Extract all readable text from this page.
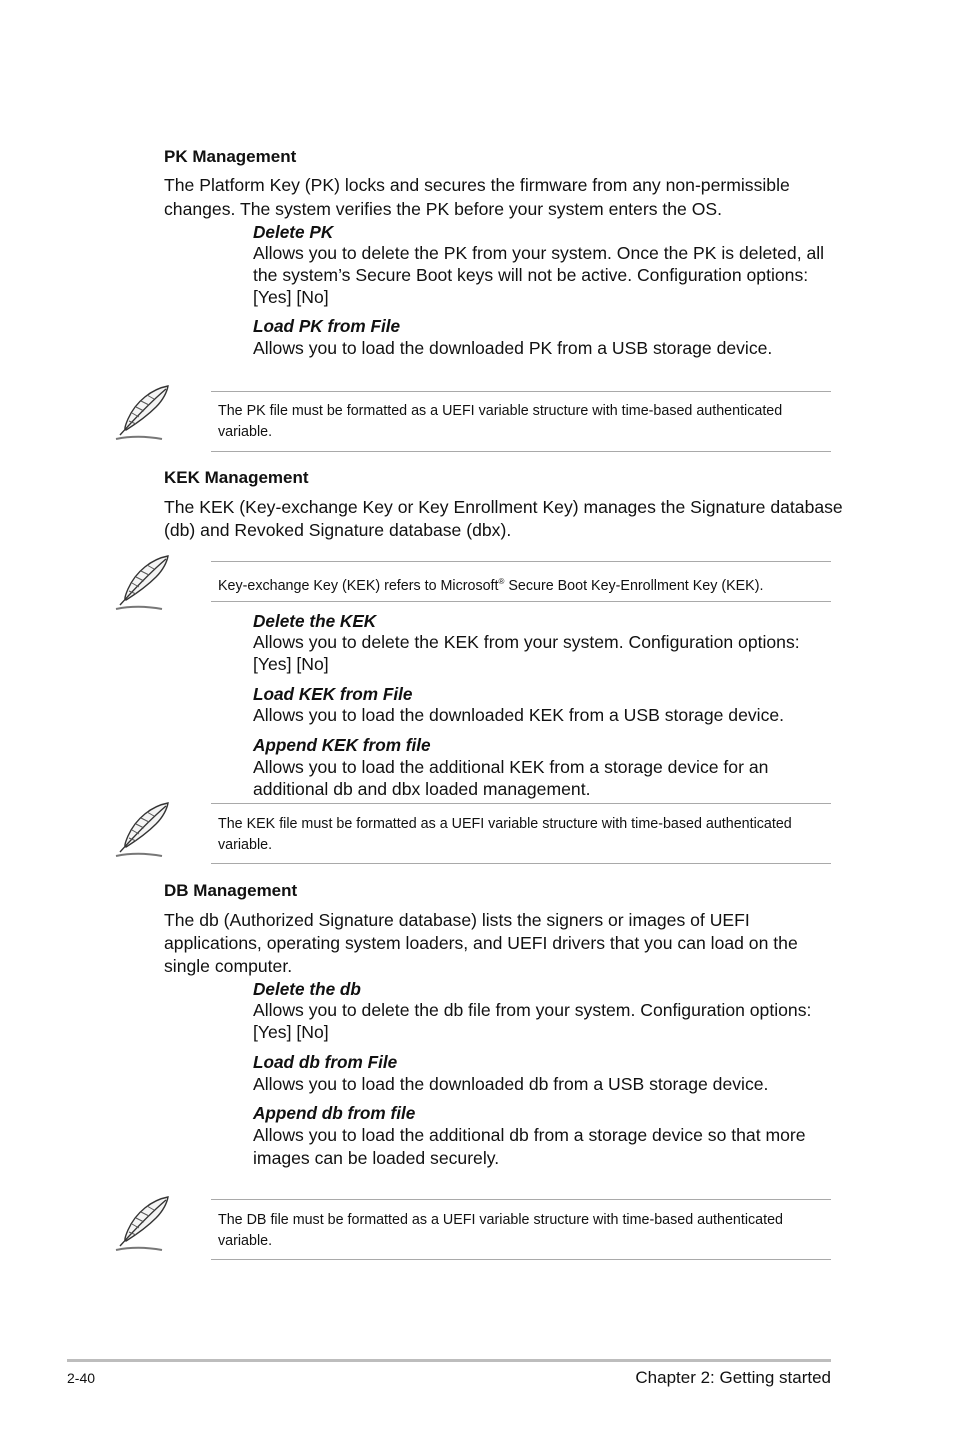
PK Management
The Platform Key (PK) locks and secures the firmware from any non-permissible
changes. The system verifies the PK before your system enters the OS.
Delete PK
Allows you to delete the PK from your system. Once the PK is deleted, all
the system’s Secure Boot keys will not be active. Configuration options:
[Yes] [No]
Load PK from File
Allows you to load the downloaded PK from a USB storage device.
The PK file must be formatted as a UEFI variable structure with time-based authenticated
variable.
KEK Management
The KEK (Key-exchange Key or Key Enrollment Key) manages the Signature database
(db) and Revoked Signature database (dbx).
Key-exchange Key (KEK) refers to Microsoft® Secure Boot Key-Enrollment Key (KEK).
Delete the KEK
Allows you to delete the KEK from your system. Configuration options:
[Yes] [No]
Load KEK from File
Allows you to load the downloaded KEK from a USB storage device.
Append KEK from file
Allows you to load the additional KEK from a storage device for an
additional db and dbx loaded management.
The KEK file must be formatted as a UEFI variable structure with time-based authenticated
variable.
DB Management
The db (Authorized Signature database) lists the signers or images of UEFI
applications, operating system loaders, and UEFI drivers that you can load on the
single computer.
Delete the db
Allows you to delete the db file from your system. Configuration options:
[Yes] [No]
Load db from File
Allows you to load the downloaded db from a USB storage device.
Append db from file
Allows you to load the additional db from a storage device so that more
images can be loaded securely.
The DB file must be formatted as a UEFI variable structure with time-based authenticated
variable.
2-40	Chapter 2: Getting started
